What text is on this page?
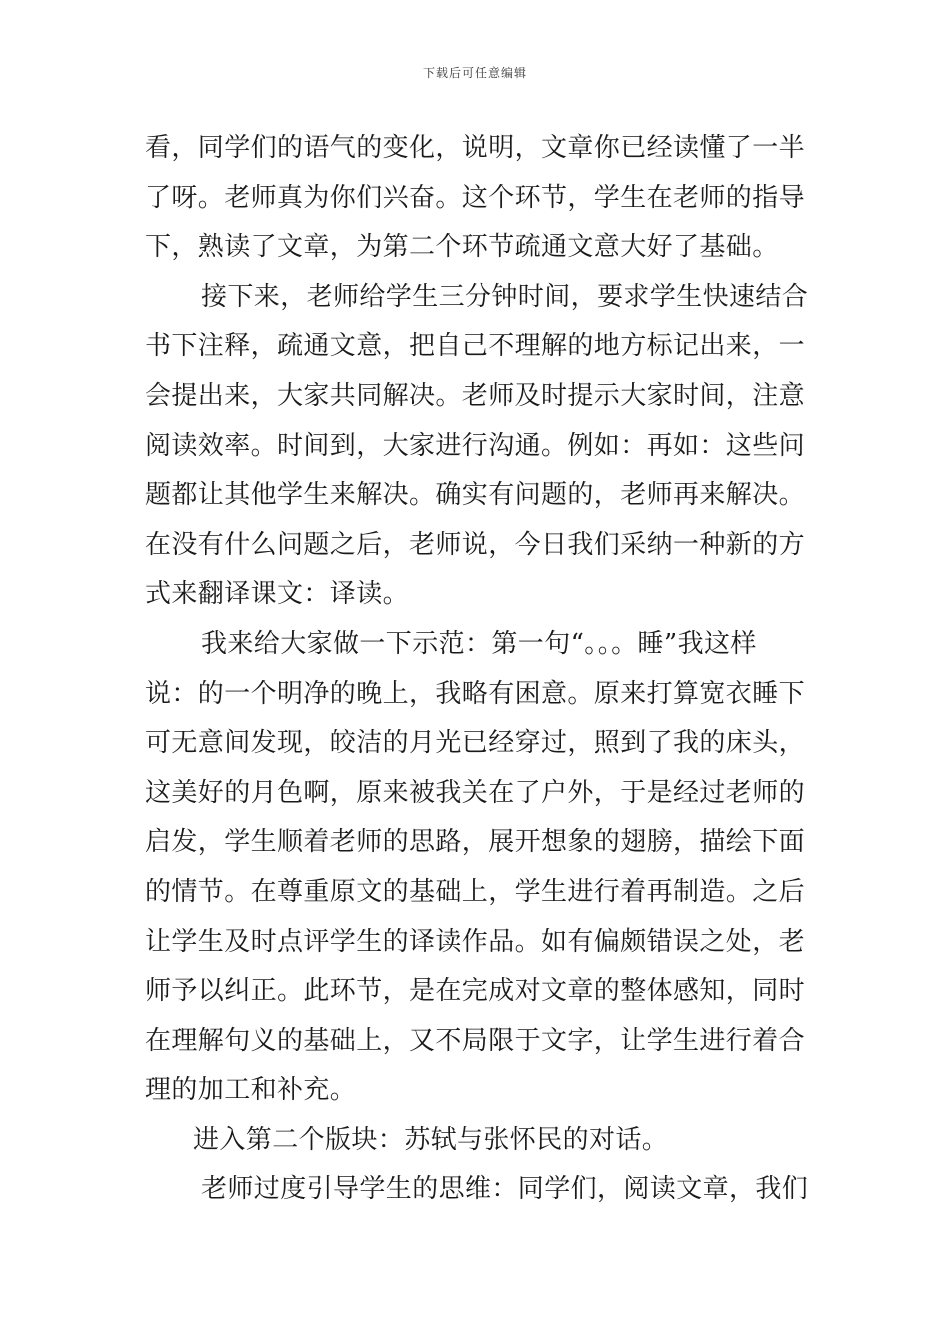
下载后可任意编辑
看，同学们的语气的变化，说明，文章你已经读懂了一半
了呀。老师真为你们兴奋。这个环节，学生在老师的指导
下，熟读了文章，为第二个环节疏通文意大好了基础。
接下来，老师给学生三分钟时间，要求学生快速结合
书下注释，疏通文意，把自己不理解的地方标记出来，一
会提出来，大家共同解决。老师及时提示大家时间，注意
阅读效率。时间到，大家进行沟通。例如：再如：这些问
题都让其他学生来解决。确实有问题的，老师再来解决。
在没有什么问题之后，老师说，今日我们采纳一种新的方
式来翻译课文：译读。
我来给大家做一下示范：第一句“。。。睡”我这样
说：的一个明净的晚上，我略有困意。原来打算宽衣睡下
可无意间发现，皎洁的月光已经穿过，照到了我的床头，
这美好的月色啊，原来被我关在了户外，于是经过老师的
启发，学生顺着老师的思路，展开想象的翅膀，描绘下面
的情节。在尊重原文的基础上，学生进行着再制造。之后
让学生及时点评学生的译读作品。如有偏颇错误之处，老
师予以纠正。此环节，是在完成对文章的整体感知，同时
在理解句义的基础上，又不局限于文字，让学生进行着合
理的加工和补充。
进入第二个版块：苏轼与张怀民的对话。
老师过度引导学生的思维：同学们，阅读文章，我们
